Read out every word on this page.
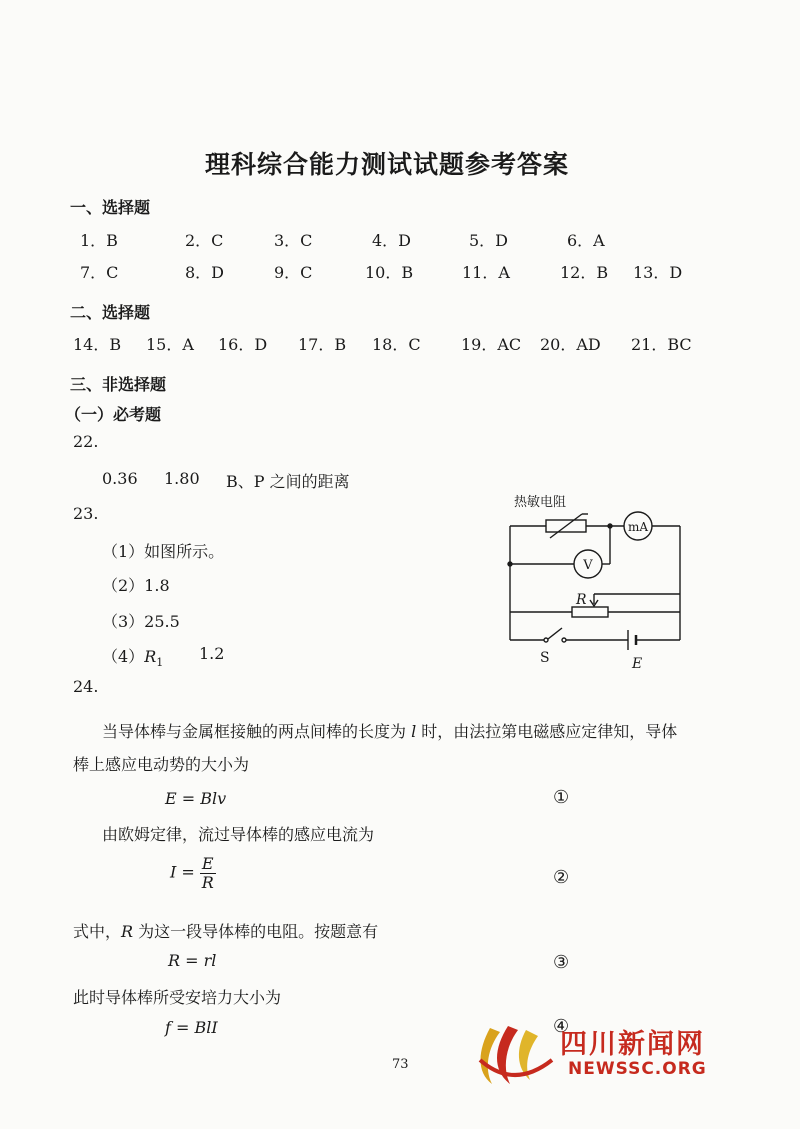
理科综合能力测试试题参考答案
一、选择题
1．B	2．C	3．C	4．D	5．D	6．A
7．C	8．D	9．C	10．B	11．A	12．B 13．D
二、选择题
14．B 15．A 16．D 17．B 18．C	19．AC 20．AD 21．BC
三、非选择题
（一）必考题
22.
0.36 1.80 B、P 之间的距离
23.
（1）如图所示。
（2）1.8
（3）25.5
$(4)R_1$ 1.2
热敏电阻
mA
V
R
S	E
24.
当导体棒与金属框接触的两点间棒的长度为 l 时，由法拉第电磁感应定律知，导体
棒上感应电动势的大小为
E = Blv	①
由欧姆定律，流过导体棒的感应电流为
$I = \frac{E}{R}$	②
式中，R 为这一段导体棒的电阻。按题意有
R = rl	③
此时导体棒所受安培力大小为
f = BlI	④
73
四川新闻网
NEWSSC.ORG
